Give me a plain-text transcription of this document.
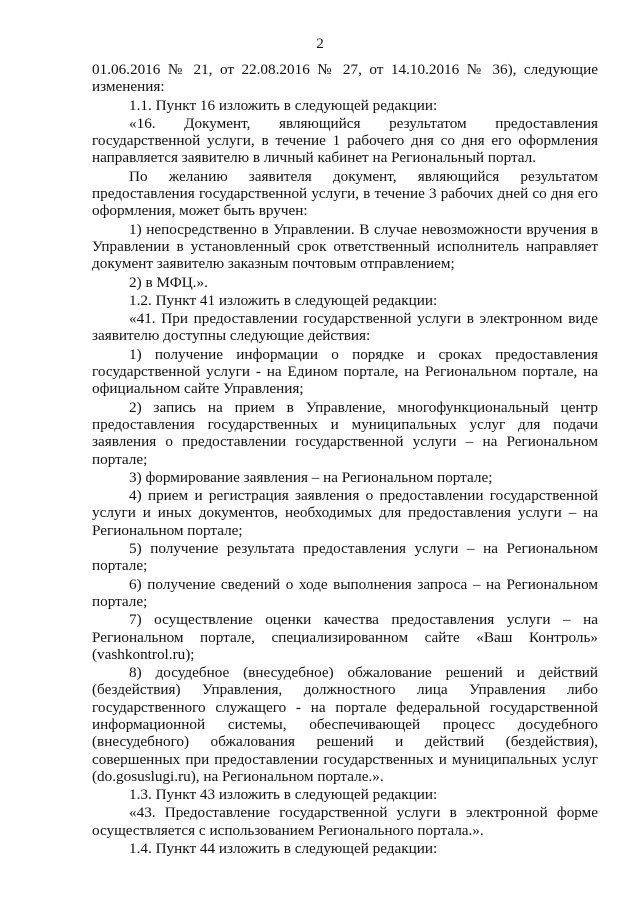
2

01.06.2016 № 21, от 22.08.2016 № 27, от 14.10.2016 № 36), следующие изменения:

1.1. Пункт 16 изложить в следующей редакции:

«16. Документ, являющийся результатом предоставления государственной услуги, в течение 1 рабочего дня со дня его оформления направляется заявителю в личный кабинет на Региональный портал.

По желанию заявителя документ, являющийся результатом предоставления государственной услуги, в течение 3 рабочих дней со дня его оформления, может быть вручен:

1) непосредственно в Управлении. В случае невозможности вручения в Управлении в установленный срок ответственный исполнитель направляет документ заявителю заказным почтовым отправлением;

2) в МФЦ.».

1.2. Пункт 41 изложить в следующей редакции:

«41. При предоставлении государственной услуги в электронном виде заявителю доступны следующие действия:

1) получение информации о порядке и сроках предоставления государственной услуги - на Едином портале, на Региональном портале, на официальном сайте Управления;

2) запись на прием в Управление, многофункциональный центр предоставления государственных и муниципальных услуг для подачи заявления о предоставлении государственной услуги – на Региональном портале;

3) формирование заявления – на Региональном портале;

4) прием и регистрация заявления о предоставлении государственной услуги и иных документов, необходимых для предоставления услуги – на Региональном портале;

5) получение результата предоставления услуги – на Региональном портале;

6) получение сведений о ходе выполнения запроса – на Региональном портале;

7) осуществление оценки качества предоставления услуги – на Региональном портале, специализированном сайте «Ваш Контроль» (vashkontrol.ru);

8) досудебное (внесудебное) обжалование решений и действий (бездействия) Управления, должностного лица Управления либо государственного служащего - на портале федеральной государственной информационной системы, обеспечивающей процесс досудебного (внесудебного) обжалования решений и действий (бездействия), совершенных при предоставлении государственных и муниципальных услуг (do.gosuslugi.ru), на Региональном портале.».

1.3. Пункт 43 изложить в следующей редакции:

«43. Предоставление государственной услуги в электронной форме осуществляется с использованием Регионального портала.».

1.4. Пункт 44 изложить в следующей редакции:
